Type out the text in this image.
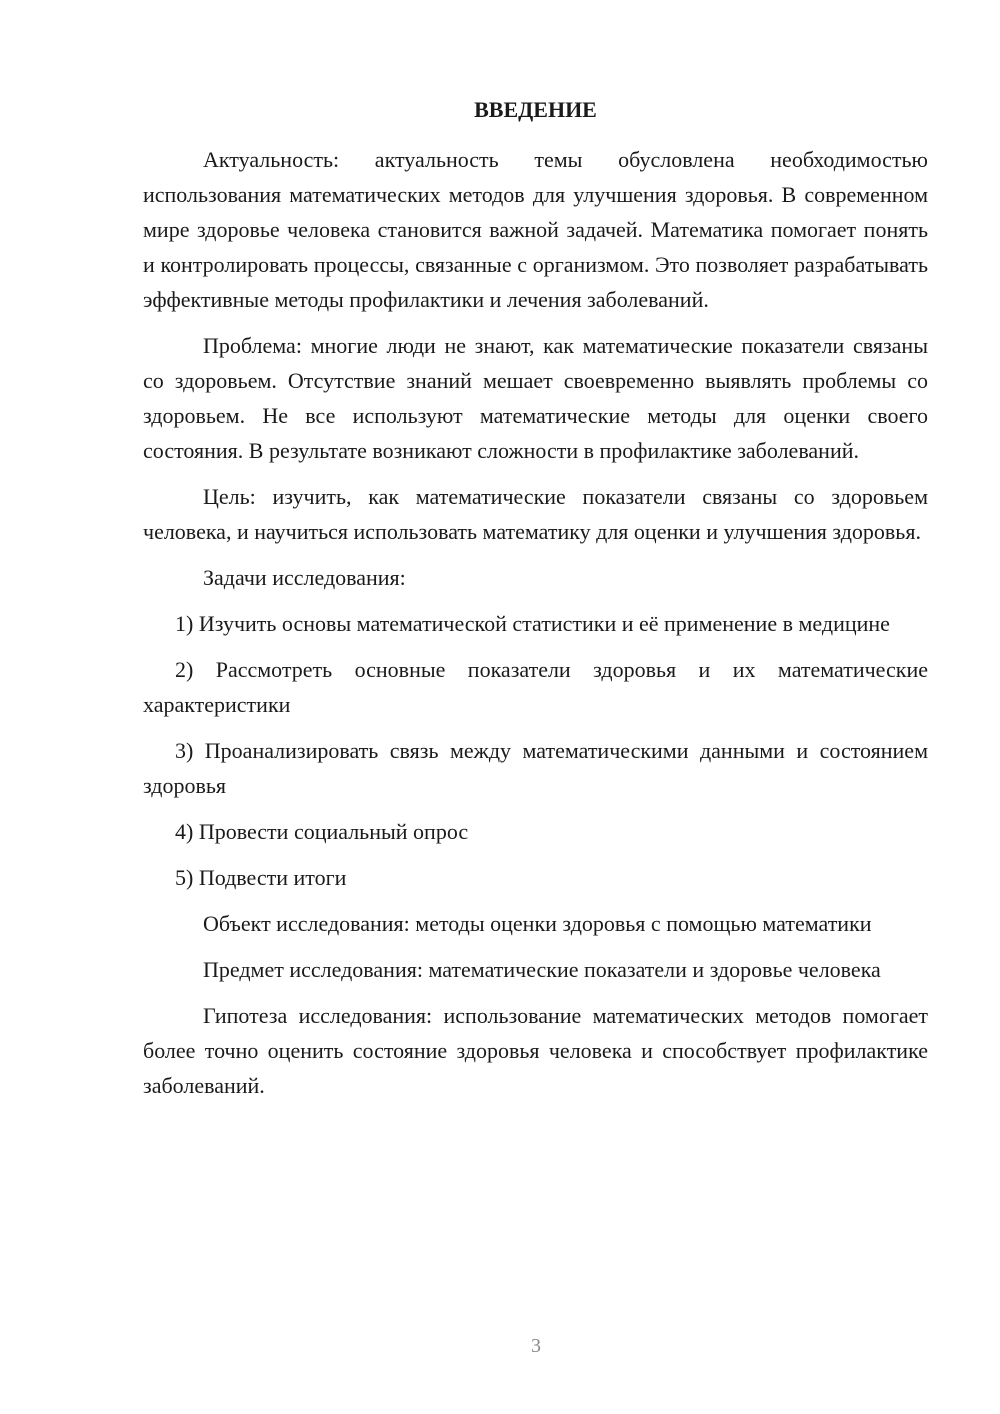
ВВЕДЕНИЕ

Актуальность: актуальность темы обусловлена необходимостью использования математических методов для улучшения здоровья. В современном мире здоровье человека становится важной задачей. Математика помогает понять и контролировать процессы, связанные с организмом. Это позволяет разрабатывать эффективные методы профилактики и лечения заболеваний.

Проблема: многие люди не знают, как математические показатели связаны со здоровьем. Отсутствие знаний мешает своевременно выявлять проблемы со здоровьем. Не все используют математические методы для оценки своего состояния. В результате возникают сложности в профилактике заболеваний.

Цель: изучить, как математические показатели связаны со здоровьем человека, и научиться использовать математику для оценки и улучшения здоровья.

Задачи исследования:

1) Изучить основы математической статистики и её применение в медицине

2) Рассмотреть основные показатели здоровья и их математические характеристики

3) Проанализировать связь между математическими данными и состоянием здоровья

4) Провести социальный опрос

5) Подвести итоги

Объект исследования: методы оценки здоровья с помощью математики

Предмет исследования: математические показатели и здоровье человека

Гипотеза исследования: использование математических методов помогает более точно оценить состояние здоровья человека и способствует профилактике заболеваний.

3
